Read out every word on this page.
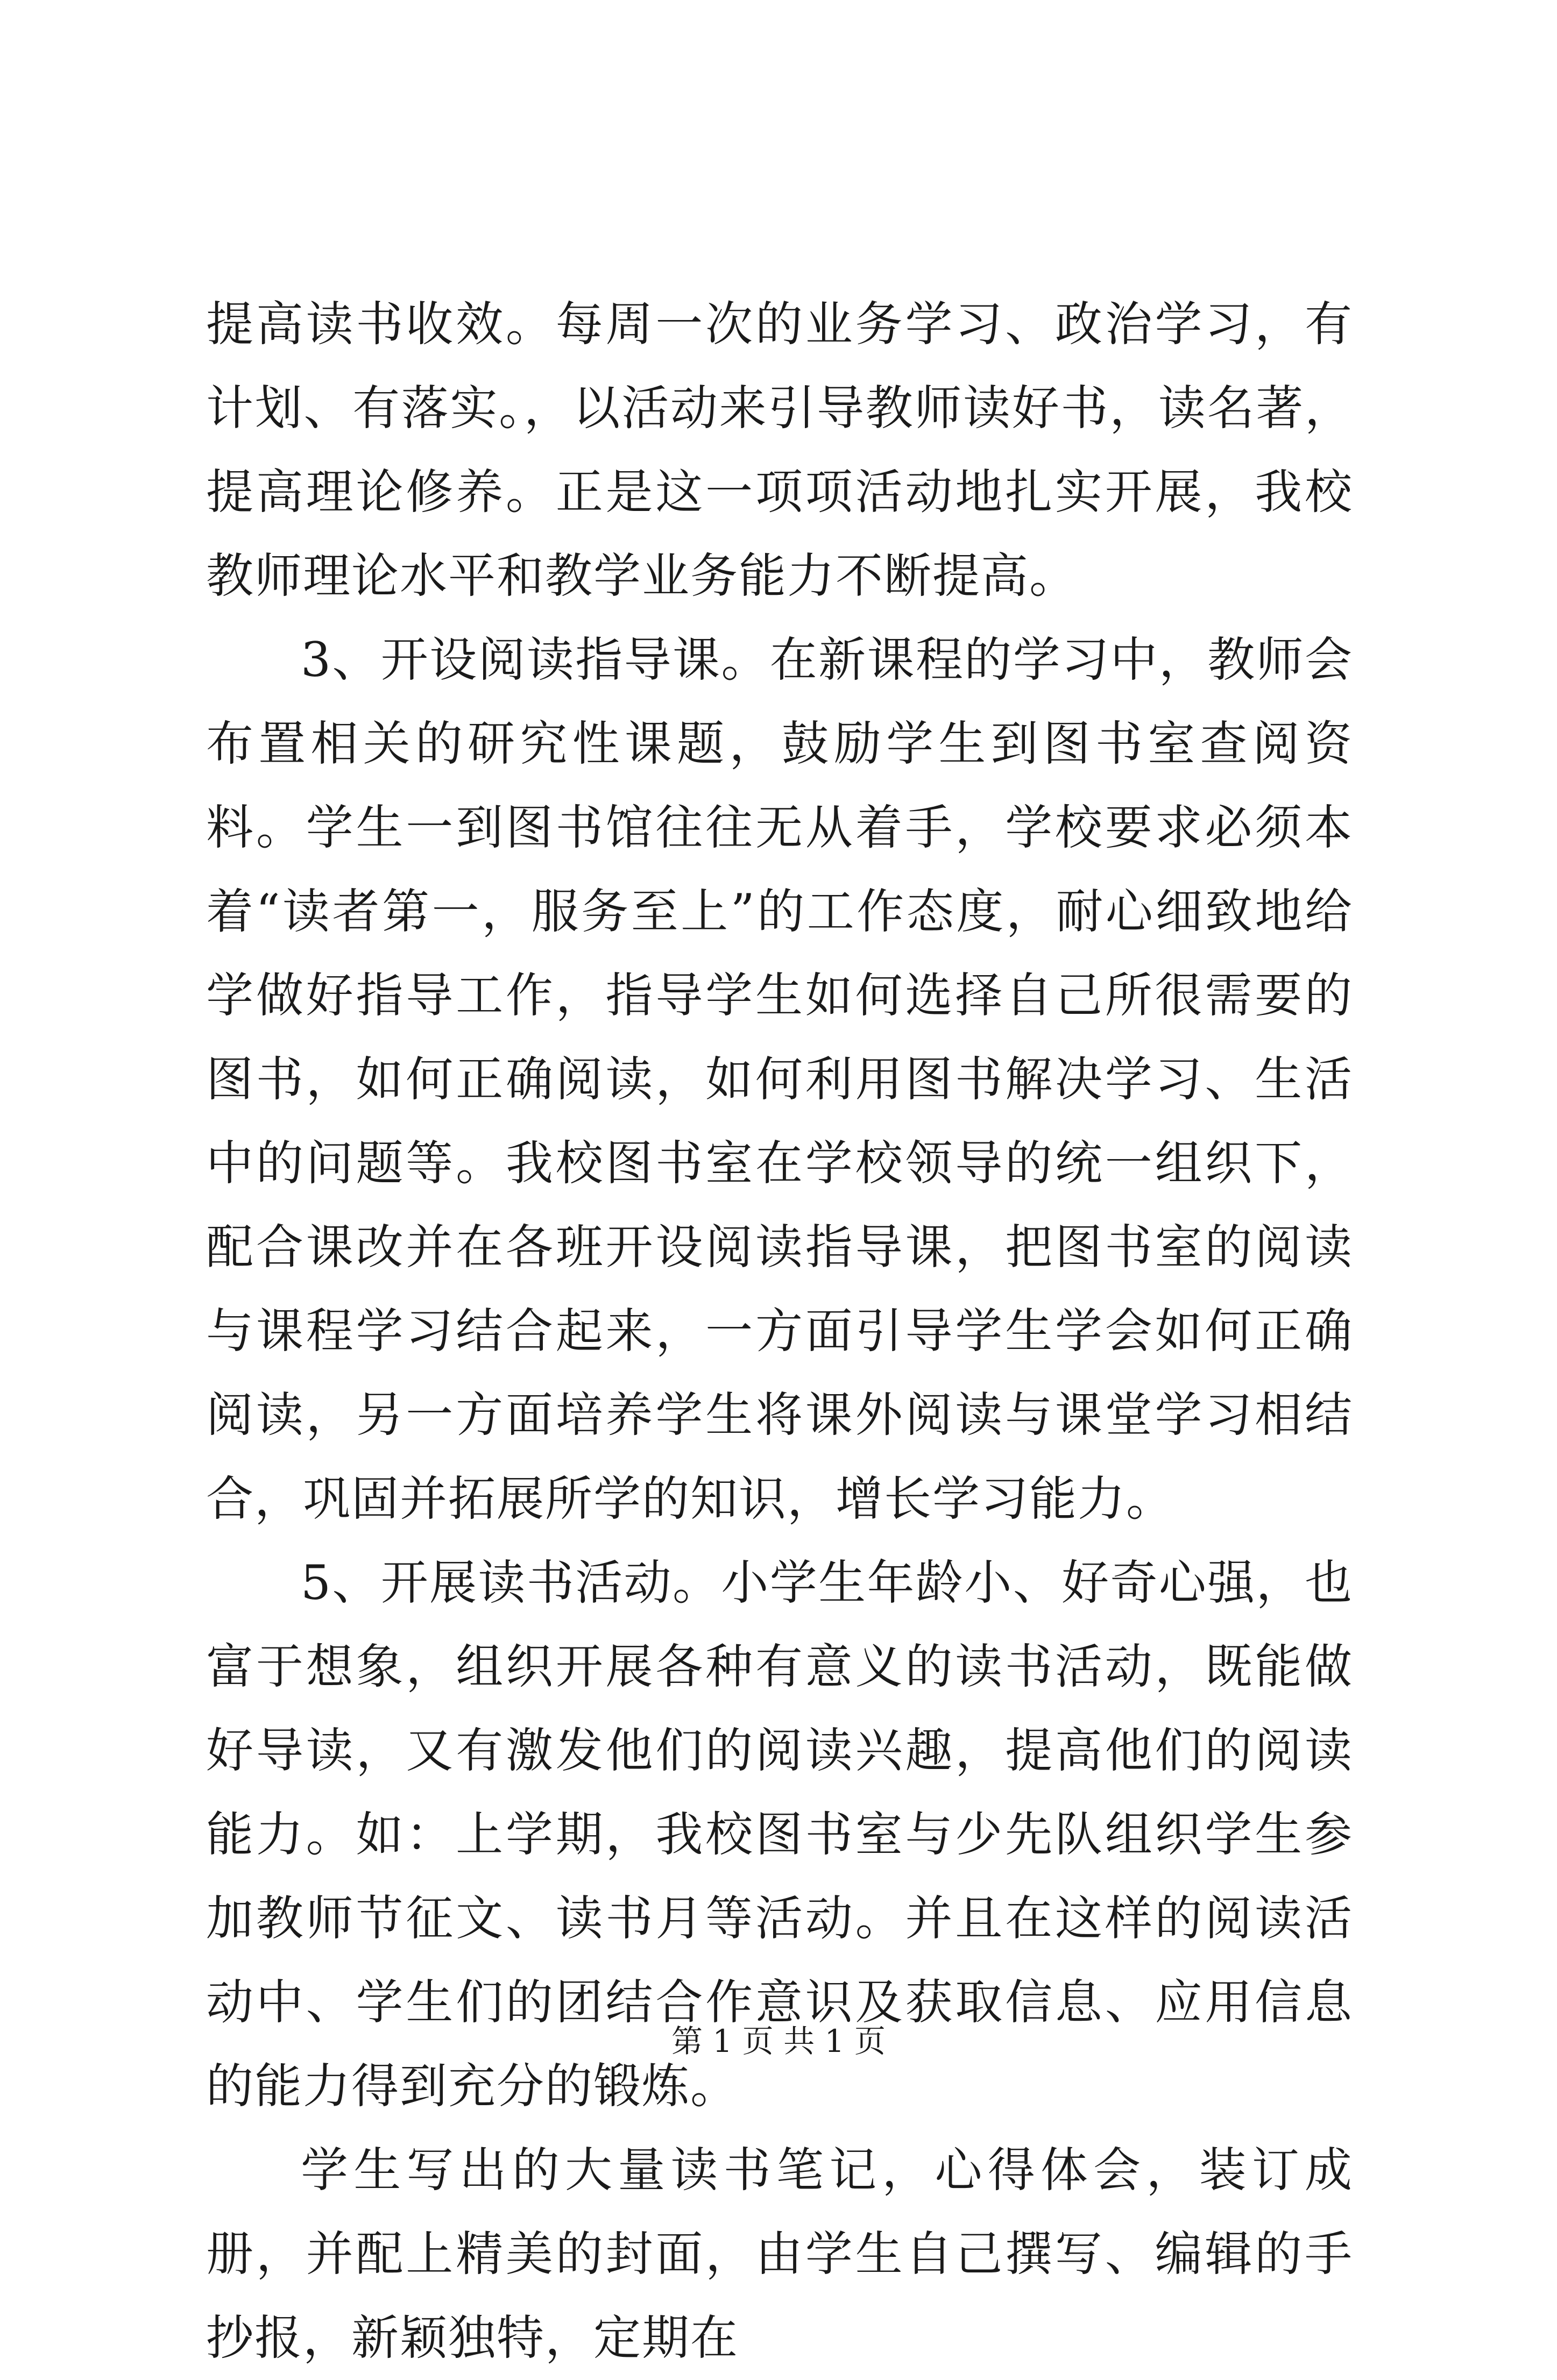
提高读书收效。每周一次的业务学习、政治学习，有计划、有落实。，以活动来引导教师读好书，读名著，提高理论修养。正是这一项项活动地扎实开展，我校教师理论水平和教学业务能力不断提高。

3、开设阅读指导课。在新课程的学习中，教师会布置相关的研究性课题，鼓励学生到图书室查阅资料。学生一到图书馆往往无从着手，学校要求必须本着“读者第一，服务至上”的工作态度，耐心细致地给学做好指导工作，指导学生如何选择自己所很需要的图书，如何正确阅读，如何利用图书解决学习、生活中的问题等。我校图书室在学校领导的统一组织下，配合课改并在各班开设阅读指导课，把图书室的阅读与课程学习结合起来，一方面引导学生学会如何正确阅读，另一方面培养学生将课外阅读与课堂学习相结合，巩固并拓展所学的知识，增长学习能力。

5、开展读书活动。小学生年龄小、好奇心强，也富于想象，组织开展各种有意义的读书活动，既能做好导读，又有激发他们的阅读兴趣，提高他们的阅读能力。如：上学期，我校图书室与少先队组织学生参加教师节征文、读书月等活动。并且在这样的阅读活动中、学生们的团结合作意识及获取信息、应用信息的能力得到充分的锻炼。

学生写出的大量读书笔记，心得体会，装订成册，并配上精美的封面，由学生自己撰写、编辑的手抄报，新颖独特，定期在

第 1 页 共 1 页
